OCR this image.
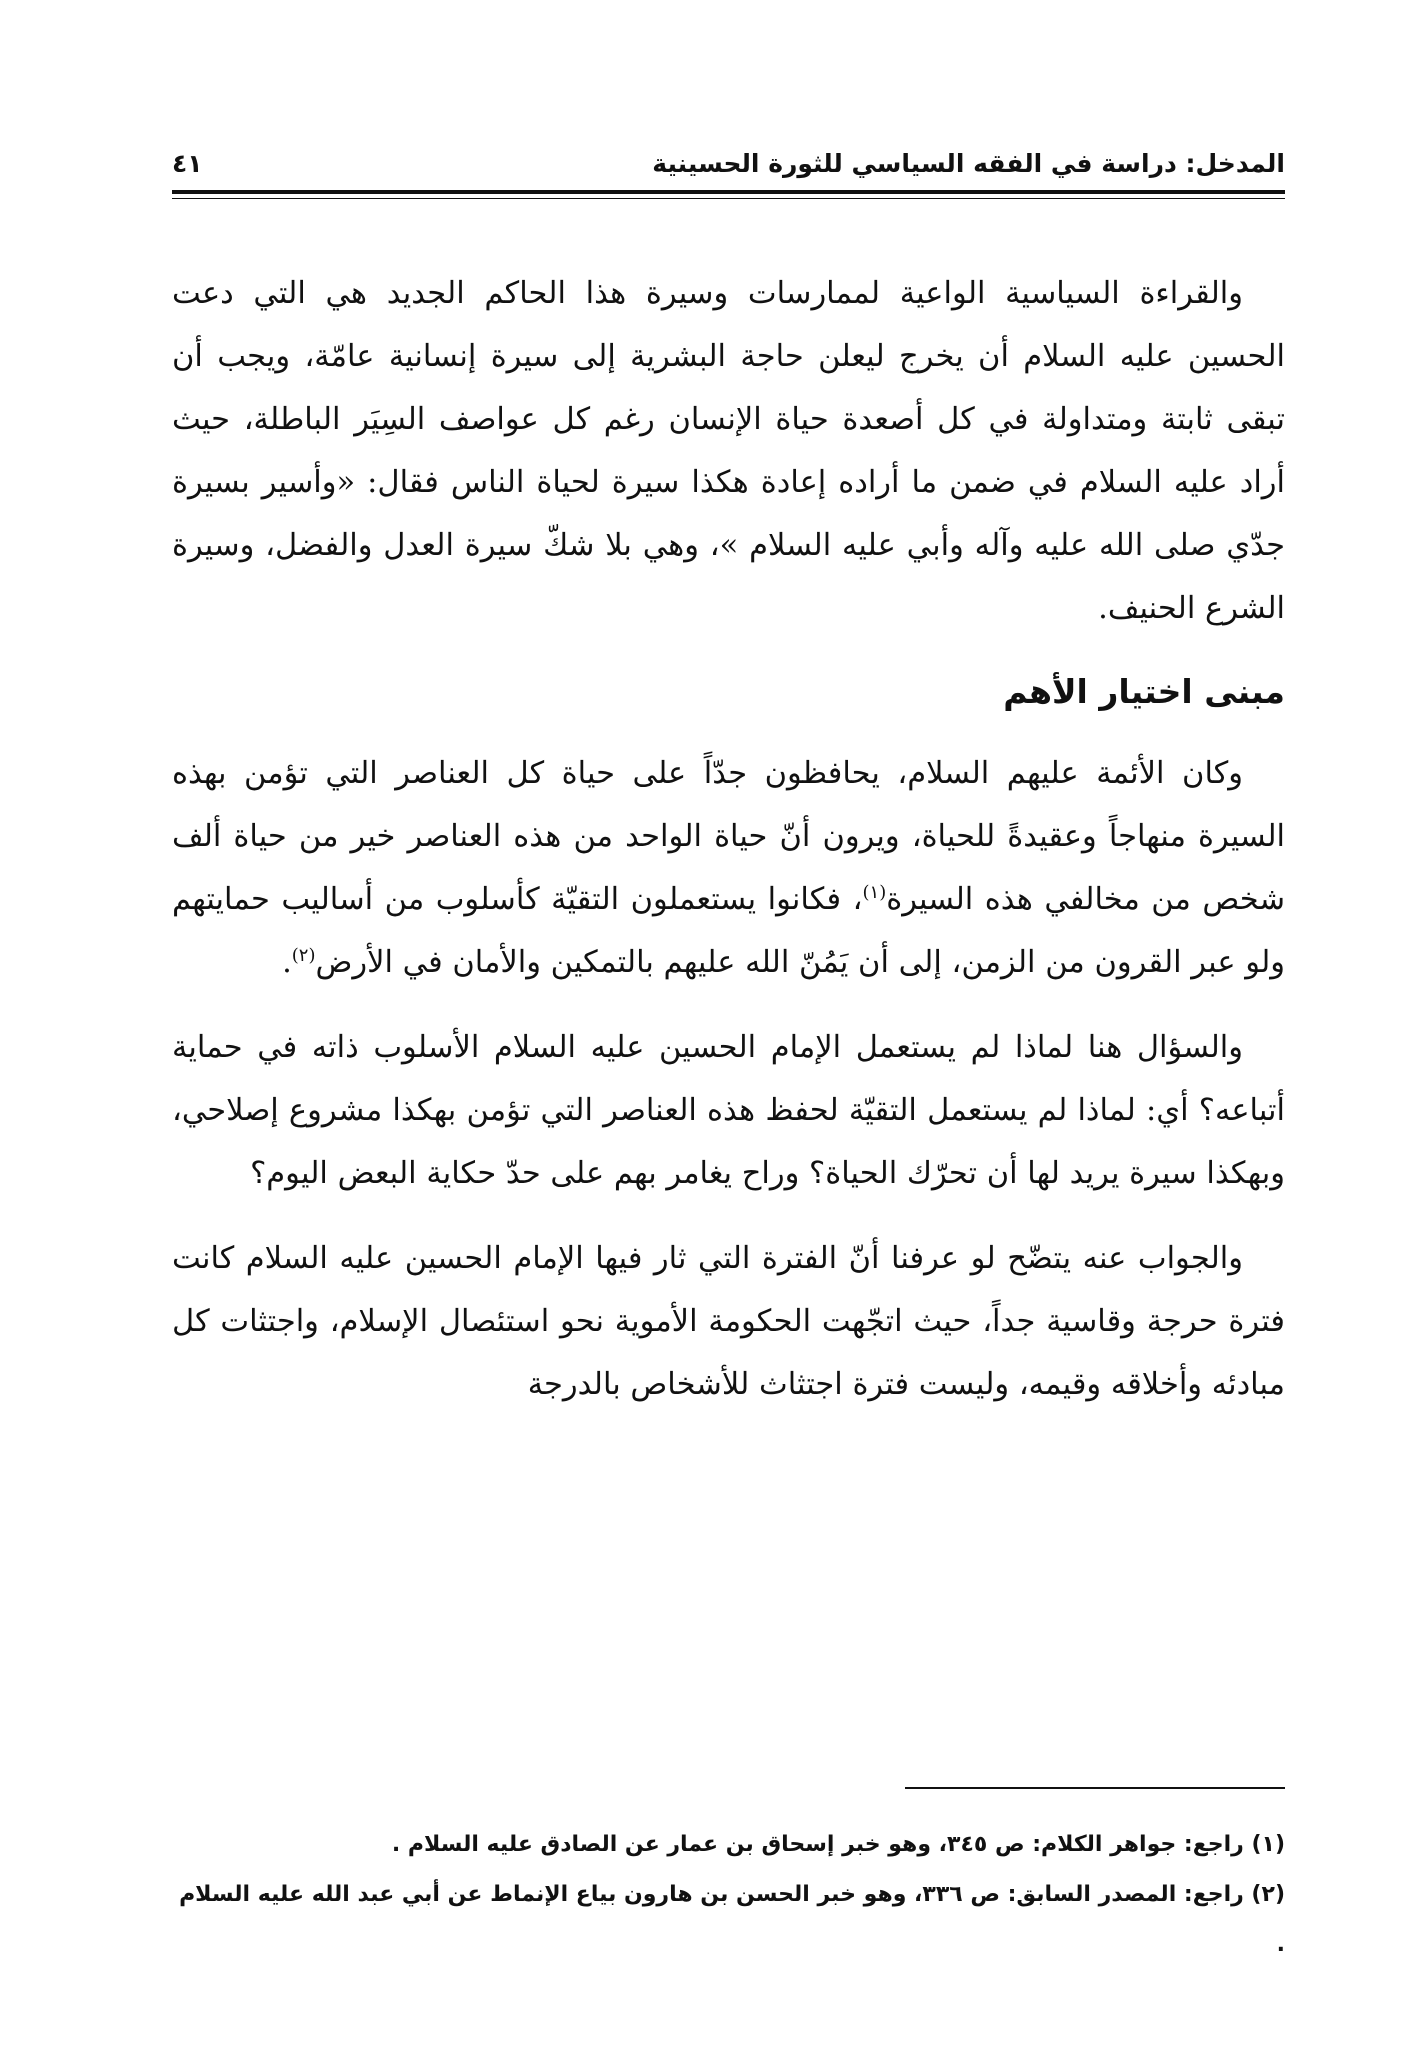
المدخل: دراسة في الفقه السياسي للثورة الحسينية
٤١

والقراءة السياسية الواعية لممارسات وسيرة هذا الحاكم الجديد هي التي دعت الحسين عليه السلام أن يخرج ليعلن حاجة البشرية إلى سيرة إنسانية عامّة، ويجب أن تبقى ثابتة ومتداولة في كل أصعدة حياة الإنسان رغم كل عواصف السِيَر الباطلة، حيث أراد عليه السلام في ضمن ما أراده إعادة هكذا سيرة لحياة الناس فقال: «وأسير بسيرة جدّي صلى الله عليه وآله وأبي عليه السلام »، وهي بلا شكّ سيرة العدل والفضل، وسيرة الشرع الحنيف.

مبنى اختيار الأهم

وكان الأئمة عليهم السلام، يحافظون جدّاً على حياة كل العناصر التي تؤمن بهذه السيرة منهاجاً وعقيدةً للحياة، ويرون أنّ حياة الواحد من هذه العناصر خير من حياة ألف شخص من مخالفي هذه السيرة$^{(١)}$، فكانوا يستعملون التقيّة كأسلوب من أساليب حمايتهم ولو عبر القرون من الزمن، إلى أن يَمُنّ الله عليهم بالتمكين والأمان في الأرض$^{(٢)}$.

والسؤال هنا لماذا لم يستعمل الإمام الحسين عليه السلام الأسلوب ذاته في حماية أتباعه؟ أي: لماذا لم يستعمل التقيّة لحفظ هذه العناصر التي تؤمن بهكذا مشروع إصلاحي، وبهكذا سيرة يريد لها أن تحرّك الحياة؟ وراح يغامر بهم على حدّ حكاية البعض اليوم؟

والجواب عنه يتضّح لو عرفنا أنّ الفترة التي ثار فيها الإمام الحسين عليه السلام كانت فترة حرجة وقاسية جداً، حيث اتجّهت الحكومة الأموية نحو استئصال الإسلام، واجتثات كل مبادئه وأخلاقه وقيمه، وليست فترة اجتثاث للأشخاص بالدرجة

(١) راجع: جواهر الكلام: ص ٣٤٥، وهو خبر إسحاق بن عمار عن الصادق عليه السلام .
(٢) راجع: المصدر السابق: ص ٣٣٦، وهو خبر الحسن بن هارون بياع الإنماط عن أبي عبد الله عليه السلام .
